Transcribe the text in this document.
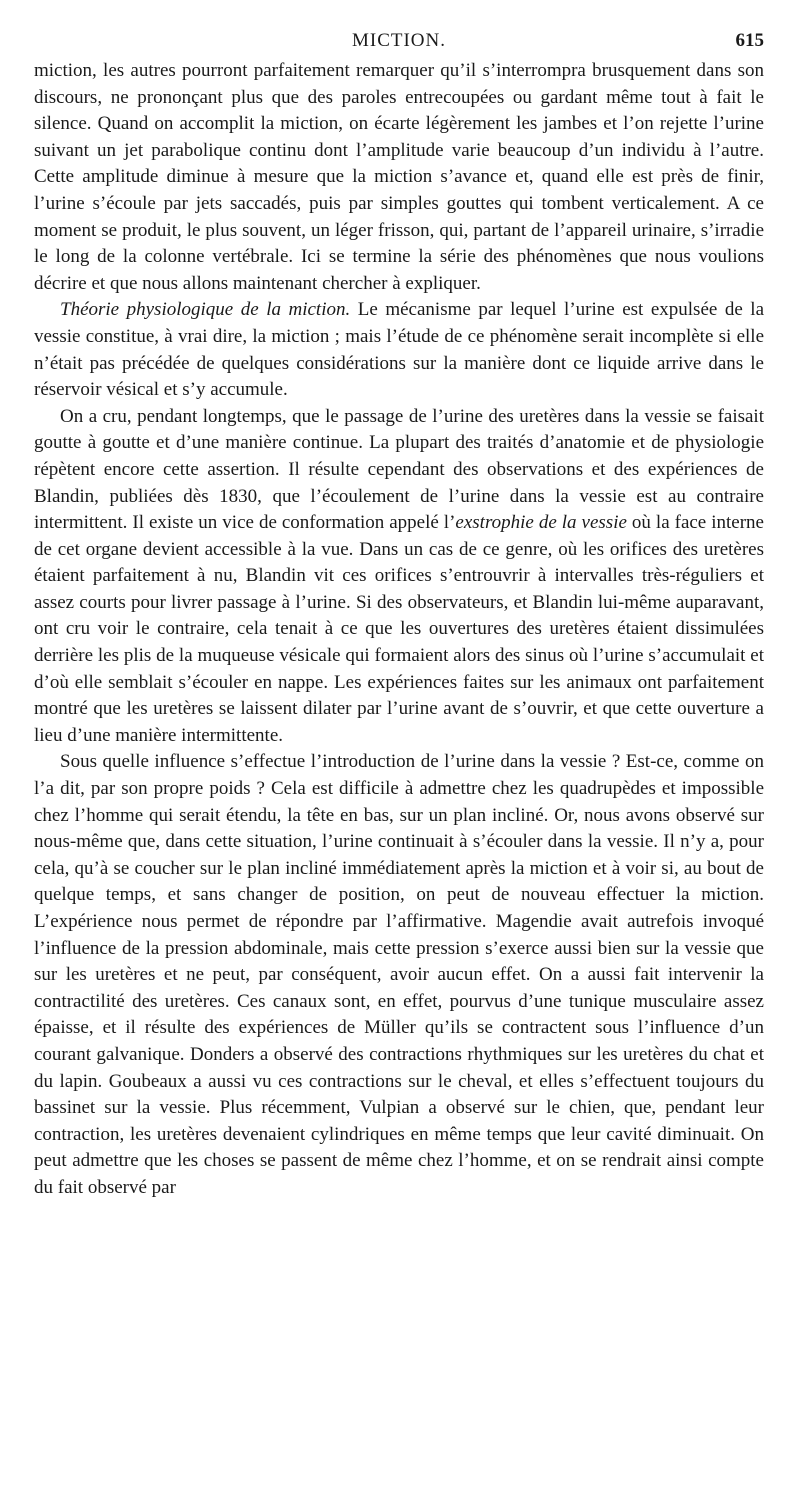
MICTION.	615

miction, les autres pourront parfaitement remarquer qu’il s’interrompra brusquement dans son discours, ne prononçant plus que des paroles entrecoupées ou gardant même tout à fait le silence. Quand on accomplit la miction, on écarte légèrement les jambes et l’on rejette l’urine suivant un jet parabolique continu dont l’amplitude varie beaucoup d’un individu à l’autre. Cette amplitude diminue à mesure que la miction s’avance et, quand elle est près de finir, l’urine s’écoule par jets saccadés, puis par simples gouttes qui tombent verticalement. A ce moment se produit, le plus souvent, un léger frisson, qui, partant de l’appareil urinaire, s’irradie le long de la colonne vertébrale. Ici se termine la série des phénomènes que nous voulions décrire et que nous allons maintenant chercher à expliquer.

Théorie physiologique de la miction. Le mécanisme par lequel l’urine est expulsée de la vessie constitue, à vrai dire, la miction ; mais l’étude de ce phénomène serait incomplète si elle n’était pas précédée de quelques considérations sur la manière dont ce liquide arrive dans le réservoir vésical et s’y accumule.

On a cru, pendant longtemps, que le passage de l’urine des uretères dans la vessie se faisait goutte à goutte et d’une manière continue. La plupart des traités d’anatomie et de physiologie répètent encore cette assertion. Il résulte cependant des observations et des expériences de Blandin, publiées dès 1830, que l’écoulement de l’urine dans la vessie est au contraire intermittent. Il existe un vice de conformation appelé l’exstrophie de la vessie où la face interne de cet organe devient accessible à la vue. Dans un cas de ce genre, où les orifices des uretères étaient parfaitement à nu, Blandin vit ces orifices s’entrouvrir à intervalles très-réguliers et assez courts pour livrer passage à l’urine. Si des observateurs, et Blandin lui-même auparavant, ont cru voir le contraire, cela tenait à ce que les ouvertures des uretères étaient dissimulées derrière les plis de la muqueuse vésicale qui formaient alors des sinus où l’urine s’accumulait et d’où elle semblait s’écouler en nappe. Les expériences faites sur les animaux ont parfaitement montré que les uretères se laissent dilater par l’urine avant de s’ouvrir, et que cette ouverture a lieu d’une manière intermittente.

Sous quelle influence s’effectue l’introduction de l’urine dans la vessie ? Est-ce, comme on l’a dit, par son propre poids ? Cela est difficile à admettre chez les quadrupèdes et impossible chez l’homme qui serait étendu, la tête en bas, sur un plan incliné. Or, nous avons observé sur nous-même que, dans cette situation, l’urine continuait à s’écouler dans la vessie. Il n’y a, pour cela, qu’à se coucher sur le plan incliné immédiatement après la miction et à voir si, au bout de quelque temps, et sans changer de position, on peut de nouveau effectuer la miction. L’expérience nous permet de répondre par l’affirmative. Magendie avait autrefois invoqué l’influence de la pression abdominale, mais cette pression s’exerce aussi bien sur la vessie que sur les uretères et ne peut, par conséquent, avoir aucun effet. On a aussi fait intervenir la contractilité des uretères. Ces canaux sont, en effet, pourvus d’une tunique musculaire assez épaisse, et il résulte des expériences de Müller qu’ils se contractent sous l’influence d’un courant galvanique. Donders a observé des contractions rhythmiques sur les uretères du chat et du lapin. Goubeaux a aussi vu ces contractions sur le cheval, et elles s’effectuent toujours du bassinet sur la vessie. Plus récemment, Vulpian a observé sur le chien, que, pendant leur contraction, les uretères devenaient cylindriques en même temps que leur cavité diminuait. On peut admettre que les choses se passent de même chez l’homme, et on se rendrait ainsi compte du fait observé par
